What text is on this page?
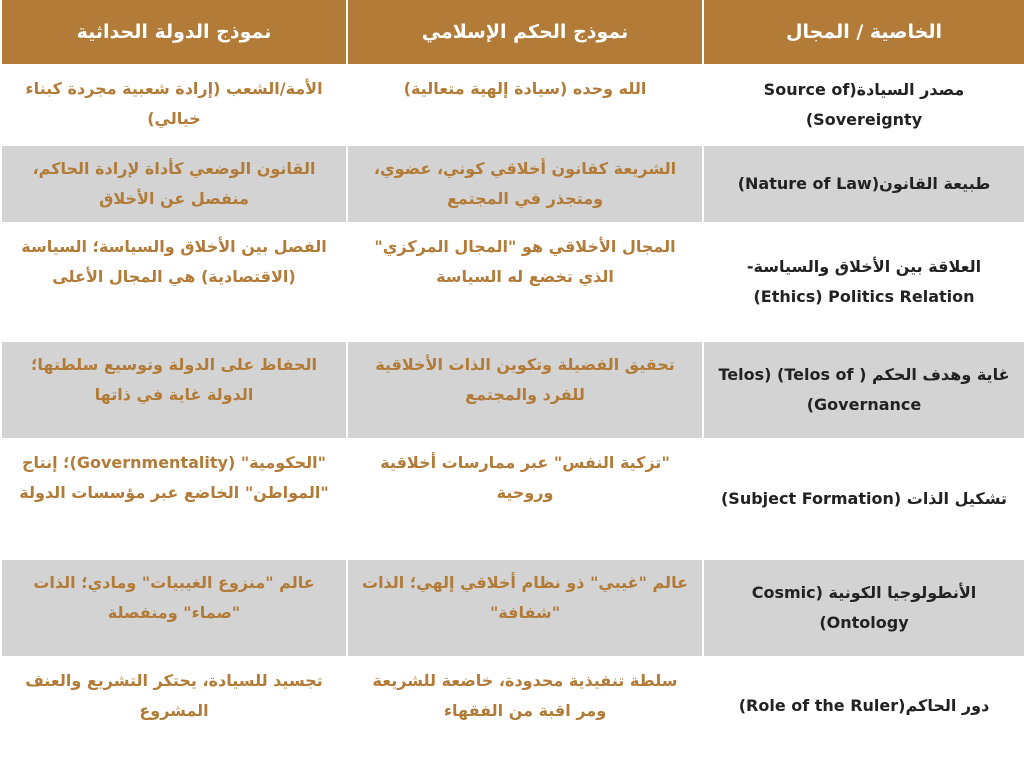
الخاصية / المجال
نموذج الحكم الإسلامي
نموذج الدولة الحداثية
مصدر السيادة(Source of Sovereignty)
الله وحده (سيادة إلهية متعالية)
الأمة/الشعب (إرادة شعبية مجردة كبناء خيالي)
طبيعة القانون(Nature of Law)
الشريعة كقانون أخلاقي كوني، عضوي، ومتجذر في المجتمع
القانون الوضعي كأداة لإرادة الحاكم، منفصل عن الأخلاق
العلاقة بين الأخلاق والسياسة-Ethics) Politics Relation)
المجال الأخلاقي هو "المجال المركزي" الذي تخضع له السياسة
الفصل بين الأخلاق والسياسة؛ السياسة (الاقتصادية) هي المجال الأعلى
غاية وهدف الحكم ( Telos of) (Telos Governance)
تحقيق الفضيلة وتكوين الذات الأخلاقية للفرد والمجتمع
الحفاظ على الدولة وتوسيع سلطتها؛ الدولة غاية في ذاتها
تشكيل الذات (Subject Formation)
"تزكية النفس" عبر ممارسات أخلاقية وروحية
"الحكومية" (Governmentality)؛ إنتاج "المواطن" الخاضع عبر مؤسسات الدولة
الأنطولوجيا الكونية (Cosmic Ontology)
عالم "غيبي" ذو نظام أخلاقي إلهي؛ الذات "شفافة"
عالم "منزوع الغيبيات" ومادي؛ الذات "صماء" ومنفصلة
دور الحاكم(Role of the Ruler)
سلطة تنفيذية محدودة، خاضعة للشريعة ومر اقبة من الفقهاء
تجسيد للسيادة، يحتكر التشريع والعنف المشروع
